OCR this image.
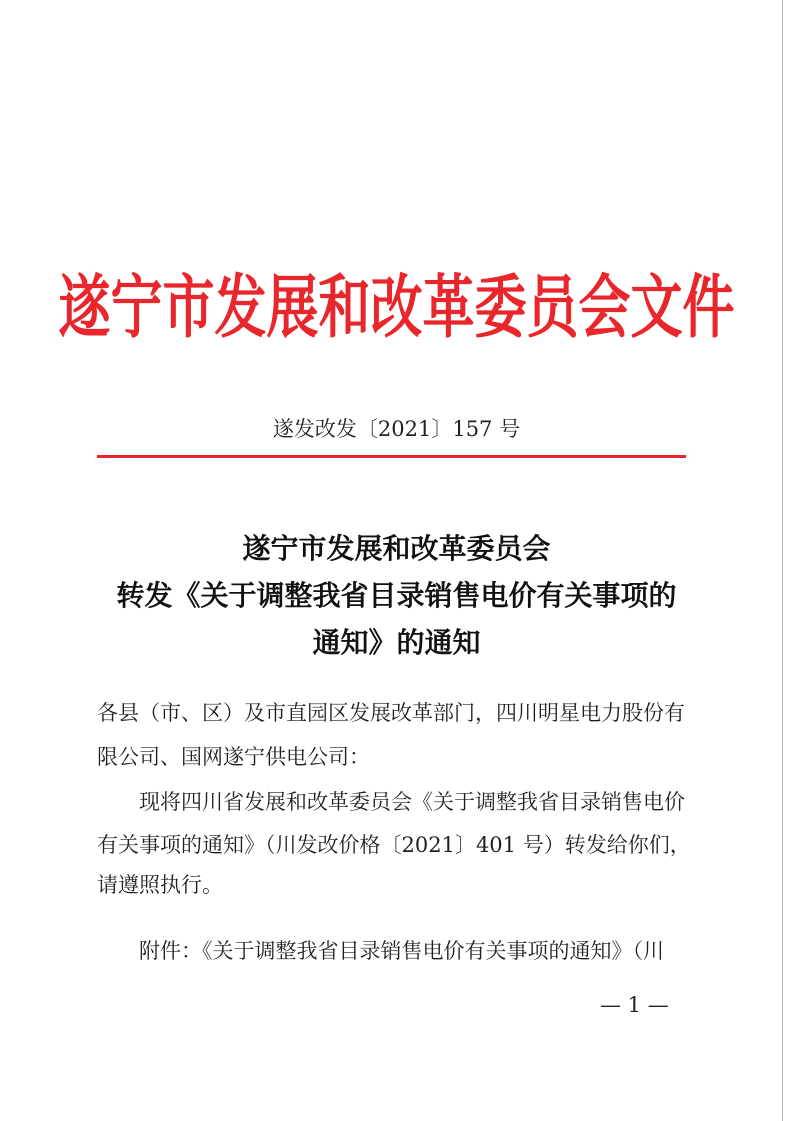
遂宁市发展和改革委员会文件
遂发改发〔2021〕157 号
遂宁市发展和改革委员会
转发《关于调整我省目录销售电价有关事项的
通知》的通知
各县（市、区）及市直园区发展改革部门，四川明星电力股份有
限公司、国网遂宁供电公司：
现将四川省发展和改革委员会《关于调整我省目录销售电价
有关事项的通知》（川发改价格〔2021〕401 号）转发给你们，
请遵照执行。
附件：《关于调整我省目录销售电价有关事项的通知》（川
— 1 —
